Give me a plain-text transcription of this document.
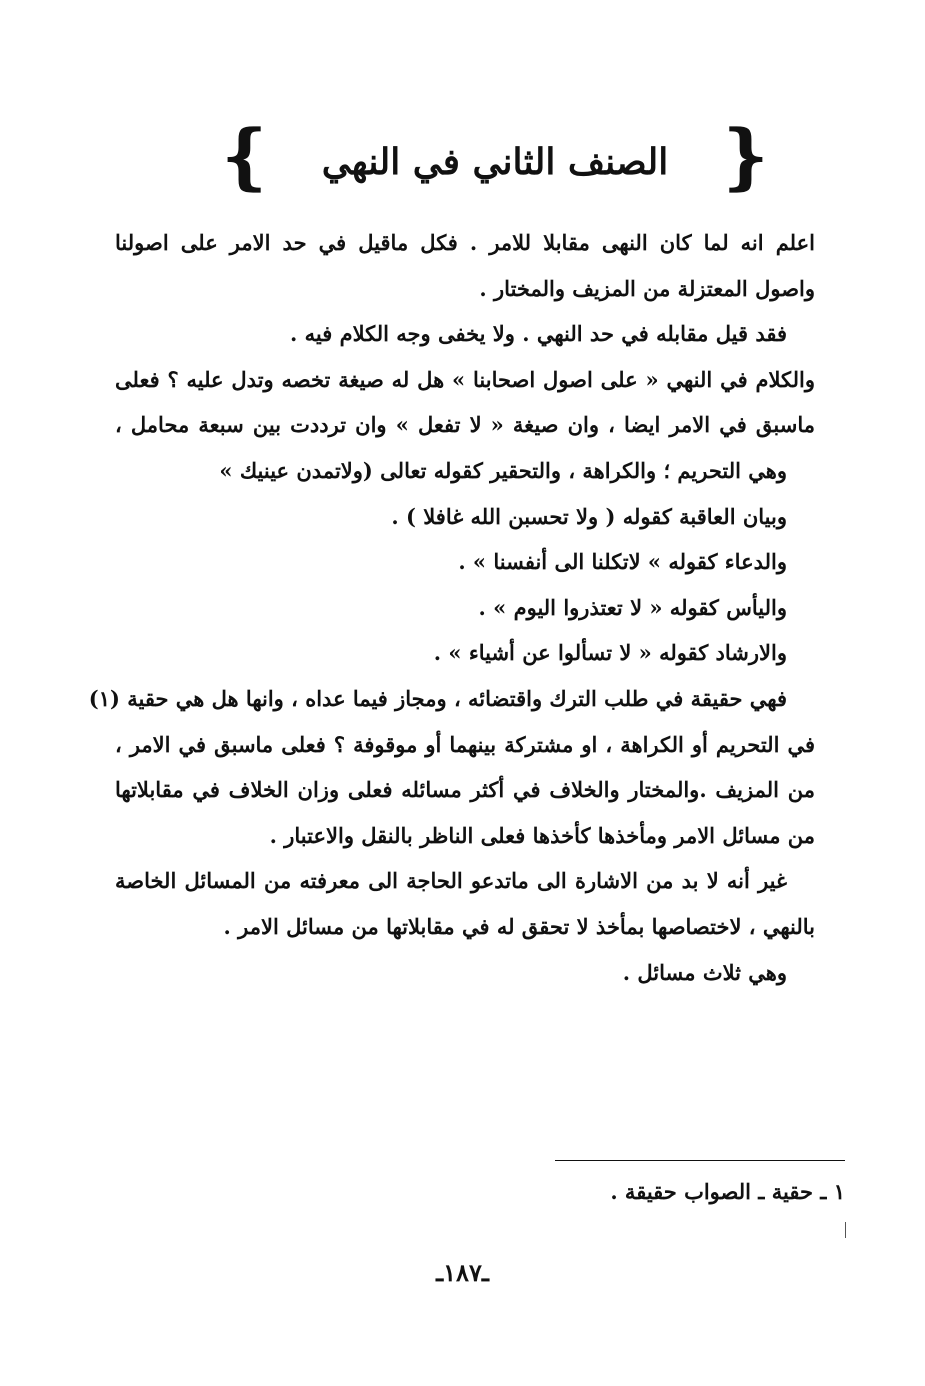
❴
الصنف الثاني في النهي
❵
اعلم انه لما كان النهى مقابلا للامر . فكل ماقيل في حد الامر على اصولنا
واصول المعتزلة من المزيف والمختار .
فقد قيل مقابله في حد النهي . ولا يخفى وجه الكلام فيه .
والكلام في النهي « على اصول اصحابنا » هل له صيغة تخصه وتدل عليه ؟ فعلى
ماسبق في الامر ايضا ، وان صيغة « لا تفعل » وان ترددت بين سبعة محامل ،
وهي التحريم ؛ والكراهة ، والتحقير كقوله تعالى (ولاتمدن عينيك »
وبيان العاقبة كقوله ( ولا تحسبن الله غافلا ) .
والدعاء كقوله » لاتكلنا الى أنفسنا » .
واليأس كقوله « لا تعتذروا اليوم » .
والارشاد كقوله « لا تسألوا عن أشياء » .
فهي حقيقة في طلب الترك واقتضائه ، ومجاز فيما عداه ، وانها هل هي حقية (١)
في التحريم أو الكراهة ، او مشتركة بينهما أو موقوفة ؟ فعلى ماسبق في الامر ،
من المزيف .والمختار والخلاف في أكثر مسائله فعلى وزان الخلاف في مقابلاتها
من مسائل الامر ومأخذها كأخذها فعلى الناظر بالنقل والاعتبار .
غير أنه لا بد من الاشارة الى ماتدعو الحاجة الى معرفته من المسائل الخاصة
بالنهي ، لاختصاصها بمأخذ لا تحقق له في مقابلاتها من مسائل الامر .
وهي ثلاث مسائل .
١ ـ حقية ـ الصواب حقيقة .
ـ١٨٧ـ
